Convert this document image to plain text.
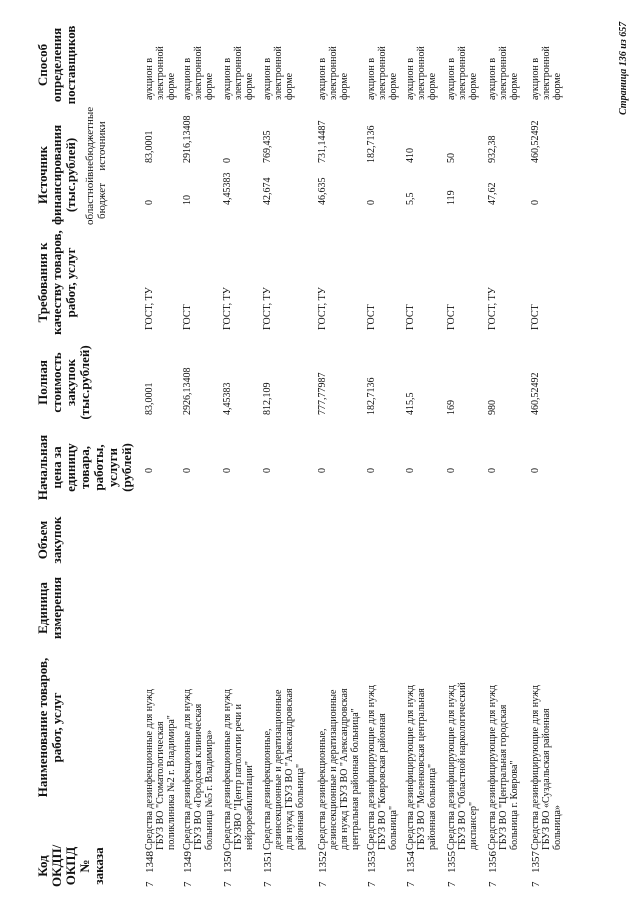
Код ОКДП/ ОКПД № заказа
Наименование товаров, работ, услуг
Единица измерения
Объем закупок
Начальная цена за единицу товара, работы, услуги (рублей)
Полная стоимость закупок (тыс.рублей)
Требования к качеству товаров, работ, услуг
Источник финансирования (тыс.рублей) областной бюджет
внебюджетные источники
Способ определения поставщиков
7
1348
Средства дезинфекционные для нужд ГБУЗ ВО "Стоматологическая поликлиника №2 г. Владимира"
0
83,0001
ГОСТ, ТУ
0
83,0001
аукцион в электронной форме
7
1349
Средства дезинфекционные для нужд ГБУЗ ВО «Городская клиническая больница №5 г. Владимира»
0
2926,13408
ГОСТ
10
2916,13408
аукцион в электронной форме
7
1350
Средства дезинфекционные для нужд ГБУЗВО "Центр патологии речи и нейрореабилитации"
0
4,45383
ГОСТ, ТУ
4,45383
0
аукцион в электронной форме
7
1351
Средства дезинфекционные, дезинсекционные и дератизационные для нужд ГБУЗ ВО "Александровская районная больница"
0
812,109
ГОСТ, ТУ
42,674
769,435
аукцион в электронной форме
7
1352
Средства дезинфекционные, дезинсекционные и дератизационные для нужд ГБУЗ ВО "Александровская центральная районная больница"
0
777,77987
ГОСТ, ТУ
46,635
731,14487
аукцион в электронной форме
7
1353
Средства дезинфицирующие для нужд ГБУЗ ВО "Ковровская районная больница"
0
182,7136
ГОСТ
0
182,7136
аукцион в электронной форме
7
1354
Средства дезинфицирующие для нужд ГБУЗ ВО "Меленковская центральная районная больница"
0
415,5
ГОСТ
5,5
410
аукцион в электронной форме
7
1355
Средства дезинфицирующие для нужд ГБУЗ ВО "Областной наркологический диспансер"
0
169
ГОСТ
119
50
аукцион в электронной форме
7
1356
Средства дезинфицирующие для нужд ГБУЗ ВО "Центральная городская больница г. Коврова"
0
980
ГОСТ, ТУ
47,62
932,38
аукцион в электронной форме
7
1357
Средства дезинфицирующие для нужд ГБУЗ ВО «Суздальская районная больница»
0
460,52492
ГОСТ
0
460,52492
аукцион в электронной форме	Страница 136 из 657
